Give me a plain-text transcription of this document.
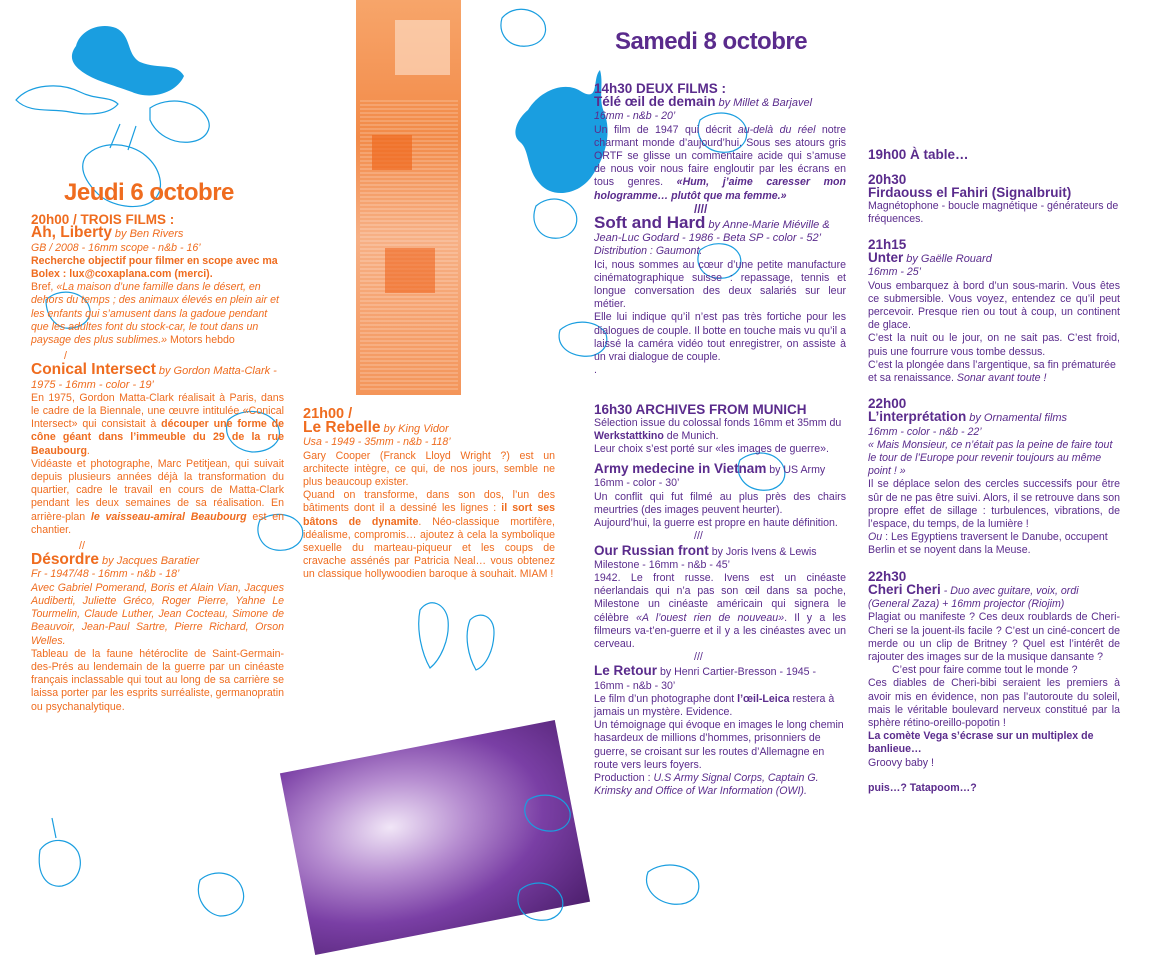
Jeudi 6 octobre
20h00 / TROIS FILMS :
Ah, Liberty by Ben Rivers

GB / 2008 - 16mm scope - n&b - 16’

Recherche objectif pour filmer en scope avec ma Bolex : lux@coxaplana.com (merci).

Bref, «La maison d’une famille dans le désert, en dehors du temps ; des animaux élevés en plein air et les enfants qui s’amusent dans la gadoue pendant que les adultes font du stock-car, le tout dans un paysage des plus sublimes.» Motors hebdo

/

Conical Intersect by Gordon Matta-Clark - 1975 - 16mm - color - 19’

En 1975, Gordon Matta-Clark réalisait à Paris, dans le cadre de la Biennale, une œuvre intitulée «Conical Intersect» qui consistait à découper une forme de cône géant dans l’immeuble du 29 de la rue Beaubourg.

Vidéaste et photographe, Marc Petitjean, qui suivait depuis plusieurs années déjà la transformation du quartier, cadre le travail en cours de Matta-Clark pendant les deux semaines de sa réalisation. En arrière-plan le vaisseau-amiral Beaubourg est en chantier.

//

Désordre by Jacques Baratier

Fr - 1947/48 - 16mm - n&b - 18’

Avec Gabriel Pomerand, Boris et Alain Vian, Jacques Audiberti, Juliette Gréco, Roger Pierre, Yahne Le Tourmelin, Claude Luther, Jean Cocteau, Simone de Beauvoir, Jean-Paul Sartre, Pierre Richard, Orson Welles.

Tableau de la faune hétéroclite de Saint-Germain-des-Prés au lendemain de la guerre par un cinéaste français inclassable qui tout au long de sa carrière se laissa porter par les esprits surréaliste, germanopratin ou psychanalytique.

21h00 /
Le Rebelle by King Vidor

Usa - 1949 - 35mm - n&b - 118’

Gary Cooper (Franck Lloyd Wright ?) est un architecte intègre, ce qui, de nos jours, semble ne plus beaucoup exister.

Quand on transforme, dans son dos, l’un des bâtiments dont il a dessiné les lignes : il sort ses bâtons de dynamite. Néo-classique mortifère, idéalisme, compromis… ajoutez à cela la symbolique sexuelle du marteau-piqueur et les coups de cravache assénés par Patricia Neal… vous obtenez un classique hollywoodien baroque à souhait. MIAM !

Samedi 8 octobre
14h30 DEUX FILMS :
Télé œil de demain by Millet & Barjavel

16mm - n&b - 20’

Un film de 1947 qui décrit au-delà du réel notre charmant monde d’aujourd’hui. Sous ses atours gris ORTF se glisse un commentaire acide qui s’amuse de nous voir nous faire engloutir par les écrans en tous genres. «Hum, j’aime caresser mon hologramme… plutôt que ma femme.»

////

Soft and Hard by Anne-Marie Miéville & Jean-Luc Godard - 1986 - Beta SP - color - 52’

Distribution : Gaumont.

Ici, nous sommes au cœur d’une petite manufacture cinématographique suisse : repassage, tennis et longue conversation des deux salariés sur leur métier.

Elle lui indique qu’il n’est pas très fortiche pour les dialogues de couple. Il botte en touche mais vu qu’il a laissé la caméra vidéo tout enregistrer, on assiste à un vrai dialogue de couple.

.

16h30 ARCHIVES FROM MUNICH

Sélection issue du colossal fonds 16mm et 35mm du Werkstattkino de Munich.

Leur choix s’est porté sur «les images de guerre».

Army medecine in Vietnam by US Army

16mm - color - 30’

Un conflit qui fut filmé au plus près des chairs meurtries (des images peuvent heurter).

Aujourd’hui, la guerre est propre en haute définition.

///

Our Russian front by Joris Ivens & Lewis Milestone - 16mm - n&b - 45’

1942. Le front russe. Ivens est un cinéaste néerlandais qui n’a pas son œil dans sa poche, Milestone un cinéaste américain qui signera le célèbre «A l’ouest rien de nouveau». Il y a les filmeurs va-t’en-guerre et il y a les cinéastes avec un cerveau.

///

Le Retour by Henri Cartier-Bresson - 1945 - 16mm - n&b - 30’

Le film d’un photographe dont l’œil-Leica restera à jamais un mystère. Evidence.

Un témoignage qui évoque en images le long chemin hasardeux de millions d’hommes, prisonniers de guerre, se croisant sur les routes d’Allemagne en route vers leurs foyers.

Production : U.S Army Signal Corps, Captain G. Krimsky and Office of War Information (OWI).

19h00 À table…
20h30
Firdaouss el Fahiri (Signalbruit)

Magnétophone - boucle magnétique - générateurs de fréquences.

21h15
Unter by Gaëlle Rouard

16mm - 25’

Vous embarquez à bord d’un sous-marin. Vous êtes ce submersible. Vous voyez, entendez ce qu’il peut percevoir. Presque rien ou tout à coup, un continent de glace.

C’est la nuit ou le jour, on ne sait pas. C’est froid, puis une fourrure vous tombe dessus.

C’est la plongée dans l’argentique, sa fin prématurée et sa renaissance. Sonar avant toute !

22h00
L’interprétation by Ornamental films

16mm - color - n&b - 22’

« Mais Monsieur, ce n’était pas la peine de faire tout le tour de l’Europe pour revenir toujours au même point ! »

Il se déplace selon des cercles successifs pour être sûr de ne pas être suivi. Alors, il se retrouve dans son propre effet de sillage : turbulences, vibrations, de l’espace, du temps, de la lumière !

Ou : Les Egyptiens traversent le Danube, occupent Berlin et se noyent dans la Meuse.

22h30
Cheri Cheri - Duo avec guitare, voix, ordi (General Zaza) + 16mm projector (Riojim)

Plagiat ou manifeste ? Ces deux roublards de Cheri-Cheri se la jouent-ils facile ? C’est un ciné-concert de merde ou un clip de Britney ? Quel est l’intérêt de rajouter des images sur de la musique dansante ?

C’est pour faire comme tout le monde ?

Ces diables de Cheri-bibi seraient les premiers à avoir mis en évidence, non pas l’autoroute du soleil, mais le véritable boulevard nerveux constitué par la sphère rétino-oreillo-popotin !

La comète Vega s’écrase sur un multiplex de banlieue…

Groovy baby !

puis…? Tatapoom…?
